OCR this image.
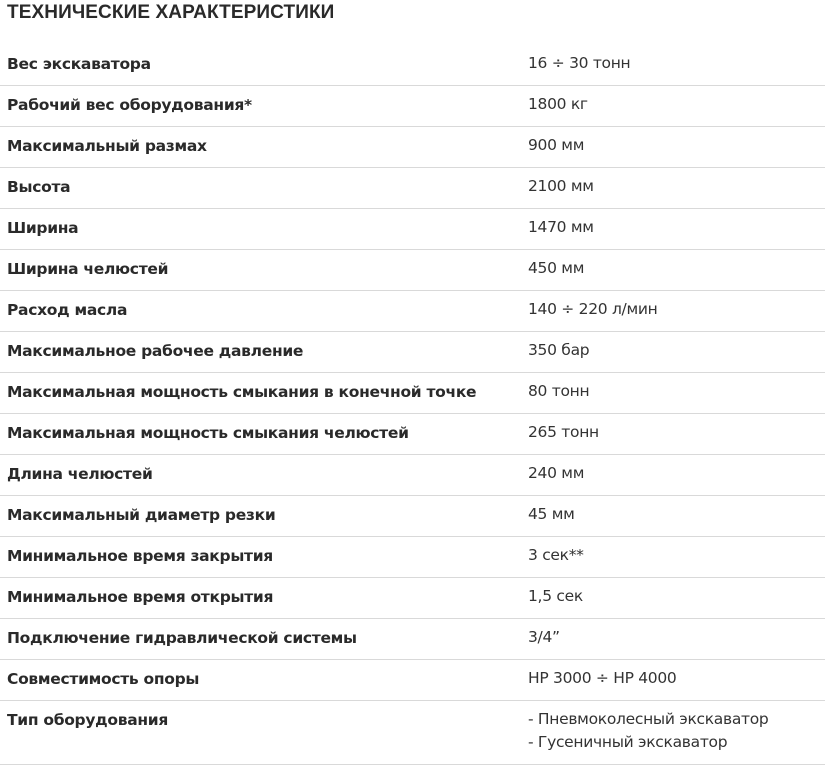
ТЕХНИЧЕСКИЕ ХАРАКТЕРИСТИКИ
Вес экскаватора	16 ÷ 30 тонн
Рабочий вес оборудования*	1800 кг
Максимальный размах	900 мм
Высота	2100 мм
Ширина	1470 мм
Ширина челюстей	450 мм
Расход масла	140 ÷ 220 л/мин
Максимальное рабочее давление	350 бар
Максимальная мощность смыкания в конечной точке	80 тонн
Максимальная мощность смыкания челюстей	265 тонн
Длина челюстей	240 мм
Максимальный диаметр резки	45 мм
Минимальное время закрытия	3 сек**
Минимальное время открытия	1,5 сек
Подключение гидравлической системы	3/4”
Совместимость опоры	HP 3000 ÷ HP 4000
Тип оборудования	- Пневмоколесный экскаватор
- Гусеничный экскаватор
